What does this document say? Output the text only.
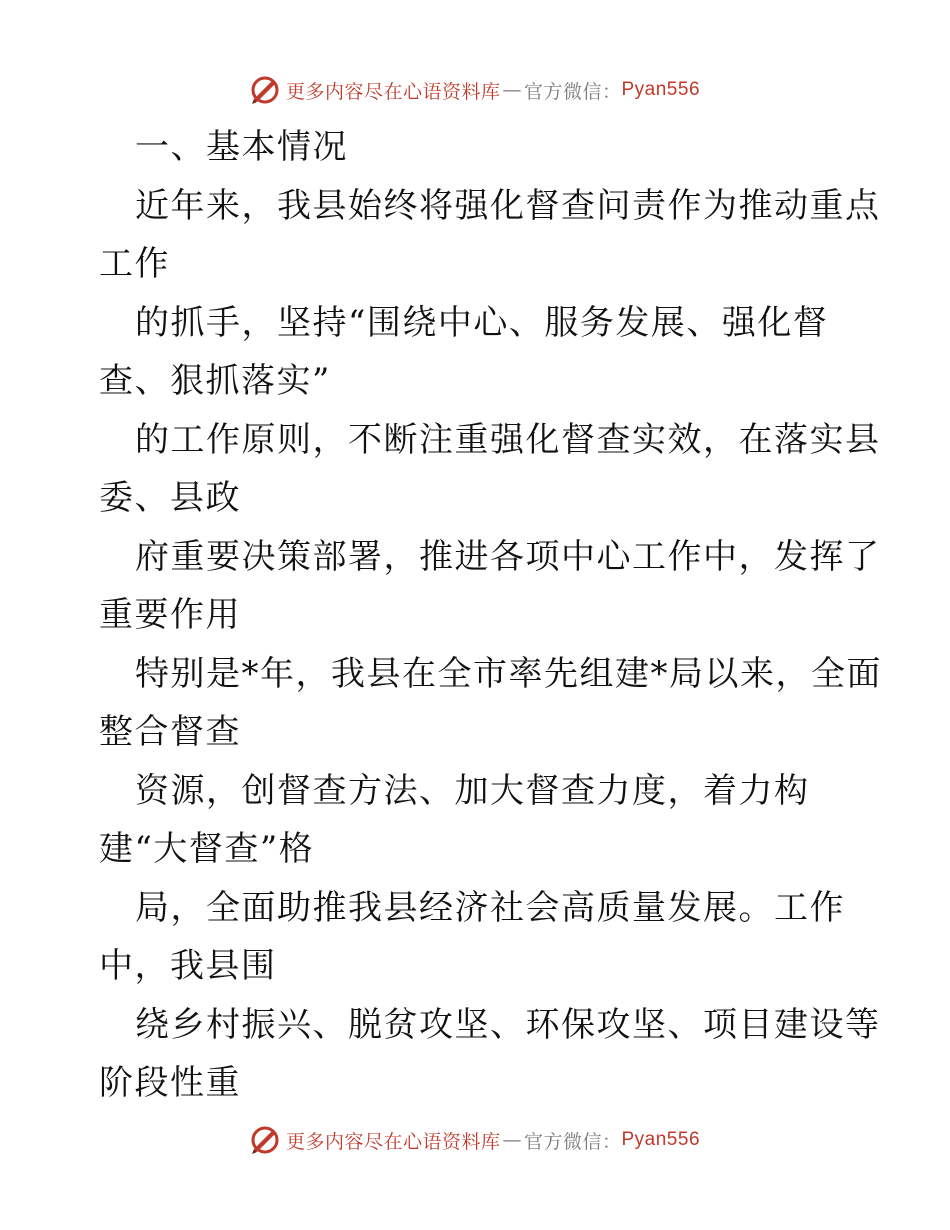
更多内容尽在心语资料库 — 官方微信： Pyan556
一、基本情况
近年来，我县始终将强化督查问责作为推动重点
工作
的抓手，坚持“围绕中心、服务发展、强化督
查、狠抓落实”
的工作原则，不断注重强化督查实效，在落实县
委、县政
府重要决策部署，推进各项中心工作中，发挥了
重要作用
特别是*年，我县在全市率先组建*局以来，全面
整合督查
资源，创督查方法、加大督查力度，着力构
建“大督查”格
局，全面助推我县经济社会高质量发展。工作
中，我县围
绕乡村振兴、脱贫攻坚、环保攻坚、项目建设等
阶段性重
更多内容尽在心语资料库 — 官方微信： Pyan556
